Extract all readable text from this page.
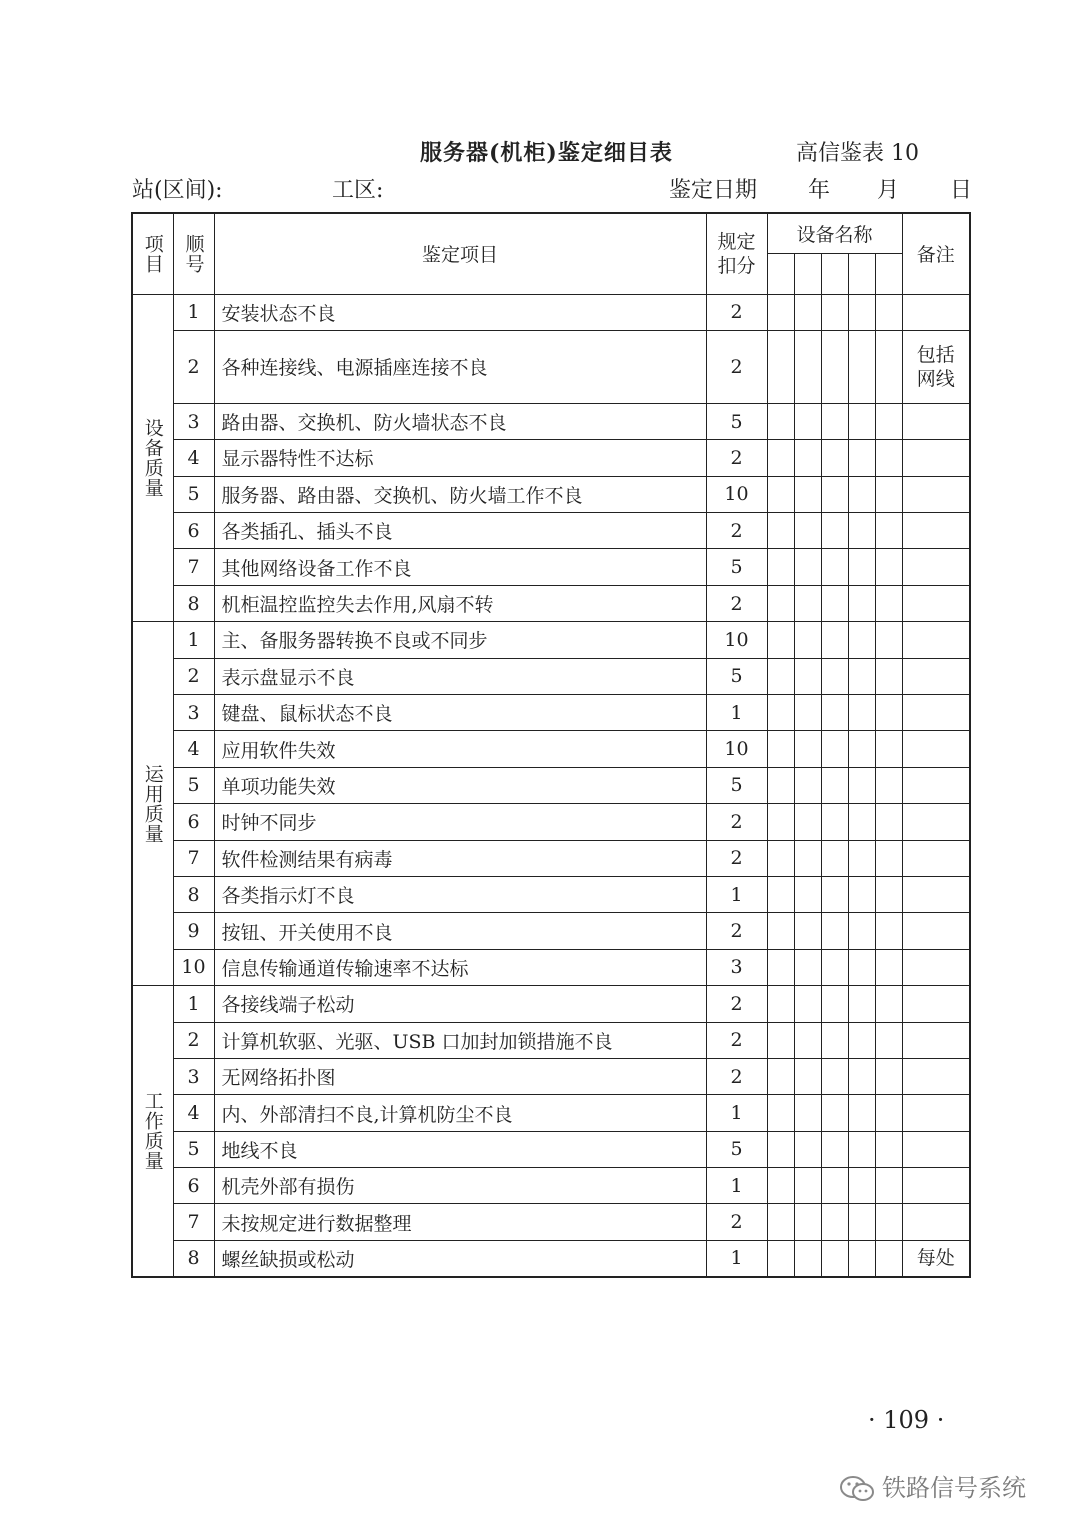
服务器(机柜)鉴定细目表	高信鉴表 10
站(区间):	工区:	鉴定日期 年 月 日
项目	顺号	鉴定项目	规定扣分	设备名称					备注

设备质量	1	安装状态不良	2						

	2	各种连接线、电源插座连接不良	2						包括网线

	3	路由器、交换机、防火墙状态不良	5						

	4	显示器特性不达标	2						

	5	服务器、路由器、交换机、防火墙工作不良	10						

	6	各类插孔、插头不良	2						

	7	其他网络设备工作不良	5						

	8	机柜温控监控失去作用,风扇不转	2						

运用质量	1	主、备服务器转换不良或不同步	10						

	2	表示盘显示不良	5						

	3	键盘、鼠标状态不良	1						

	4	应用软件失效	10						

	5	单项功能失效	5						

	6	时钟不同步	2						

	7	软件检测结果有病毒	2						

	8	各类指示灯不良	1						

	9	按钮、开关使用不良	2						

	10	信息传输通道传输速率不达标	3						

工作质量	1	各接线端子松动	2						

	2	计算机软驱、光驱、USB 口加封加锁措施不良	2						

	3	无网络拓扑图	2						

	4	内、外部清扫不良,计算机防尘不良	1						

	5	地线不良	5						

	6	机壳外部有损伤	1						

	7	未按规定进行数据整理	2						

	8	螺丝缺损或松动	1						每处
· 109 ·
铁路信号系统
